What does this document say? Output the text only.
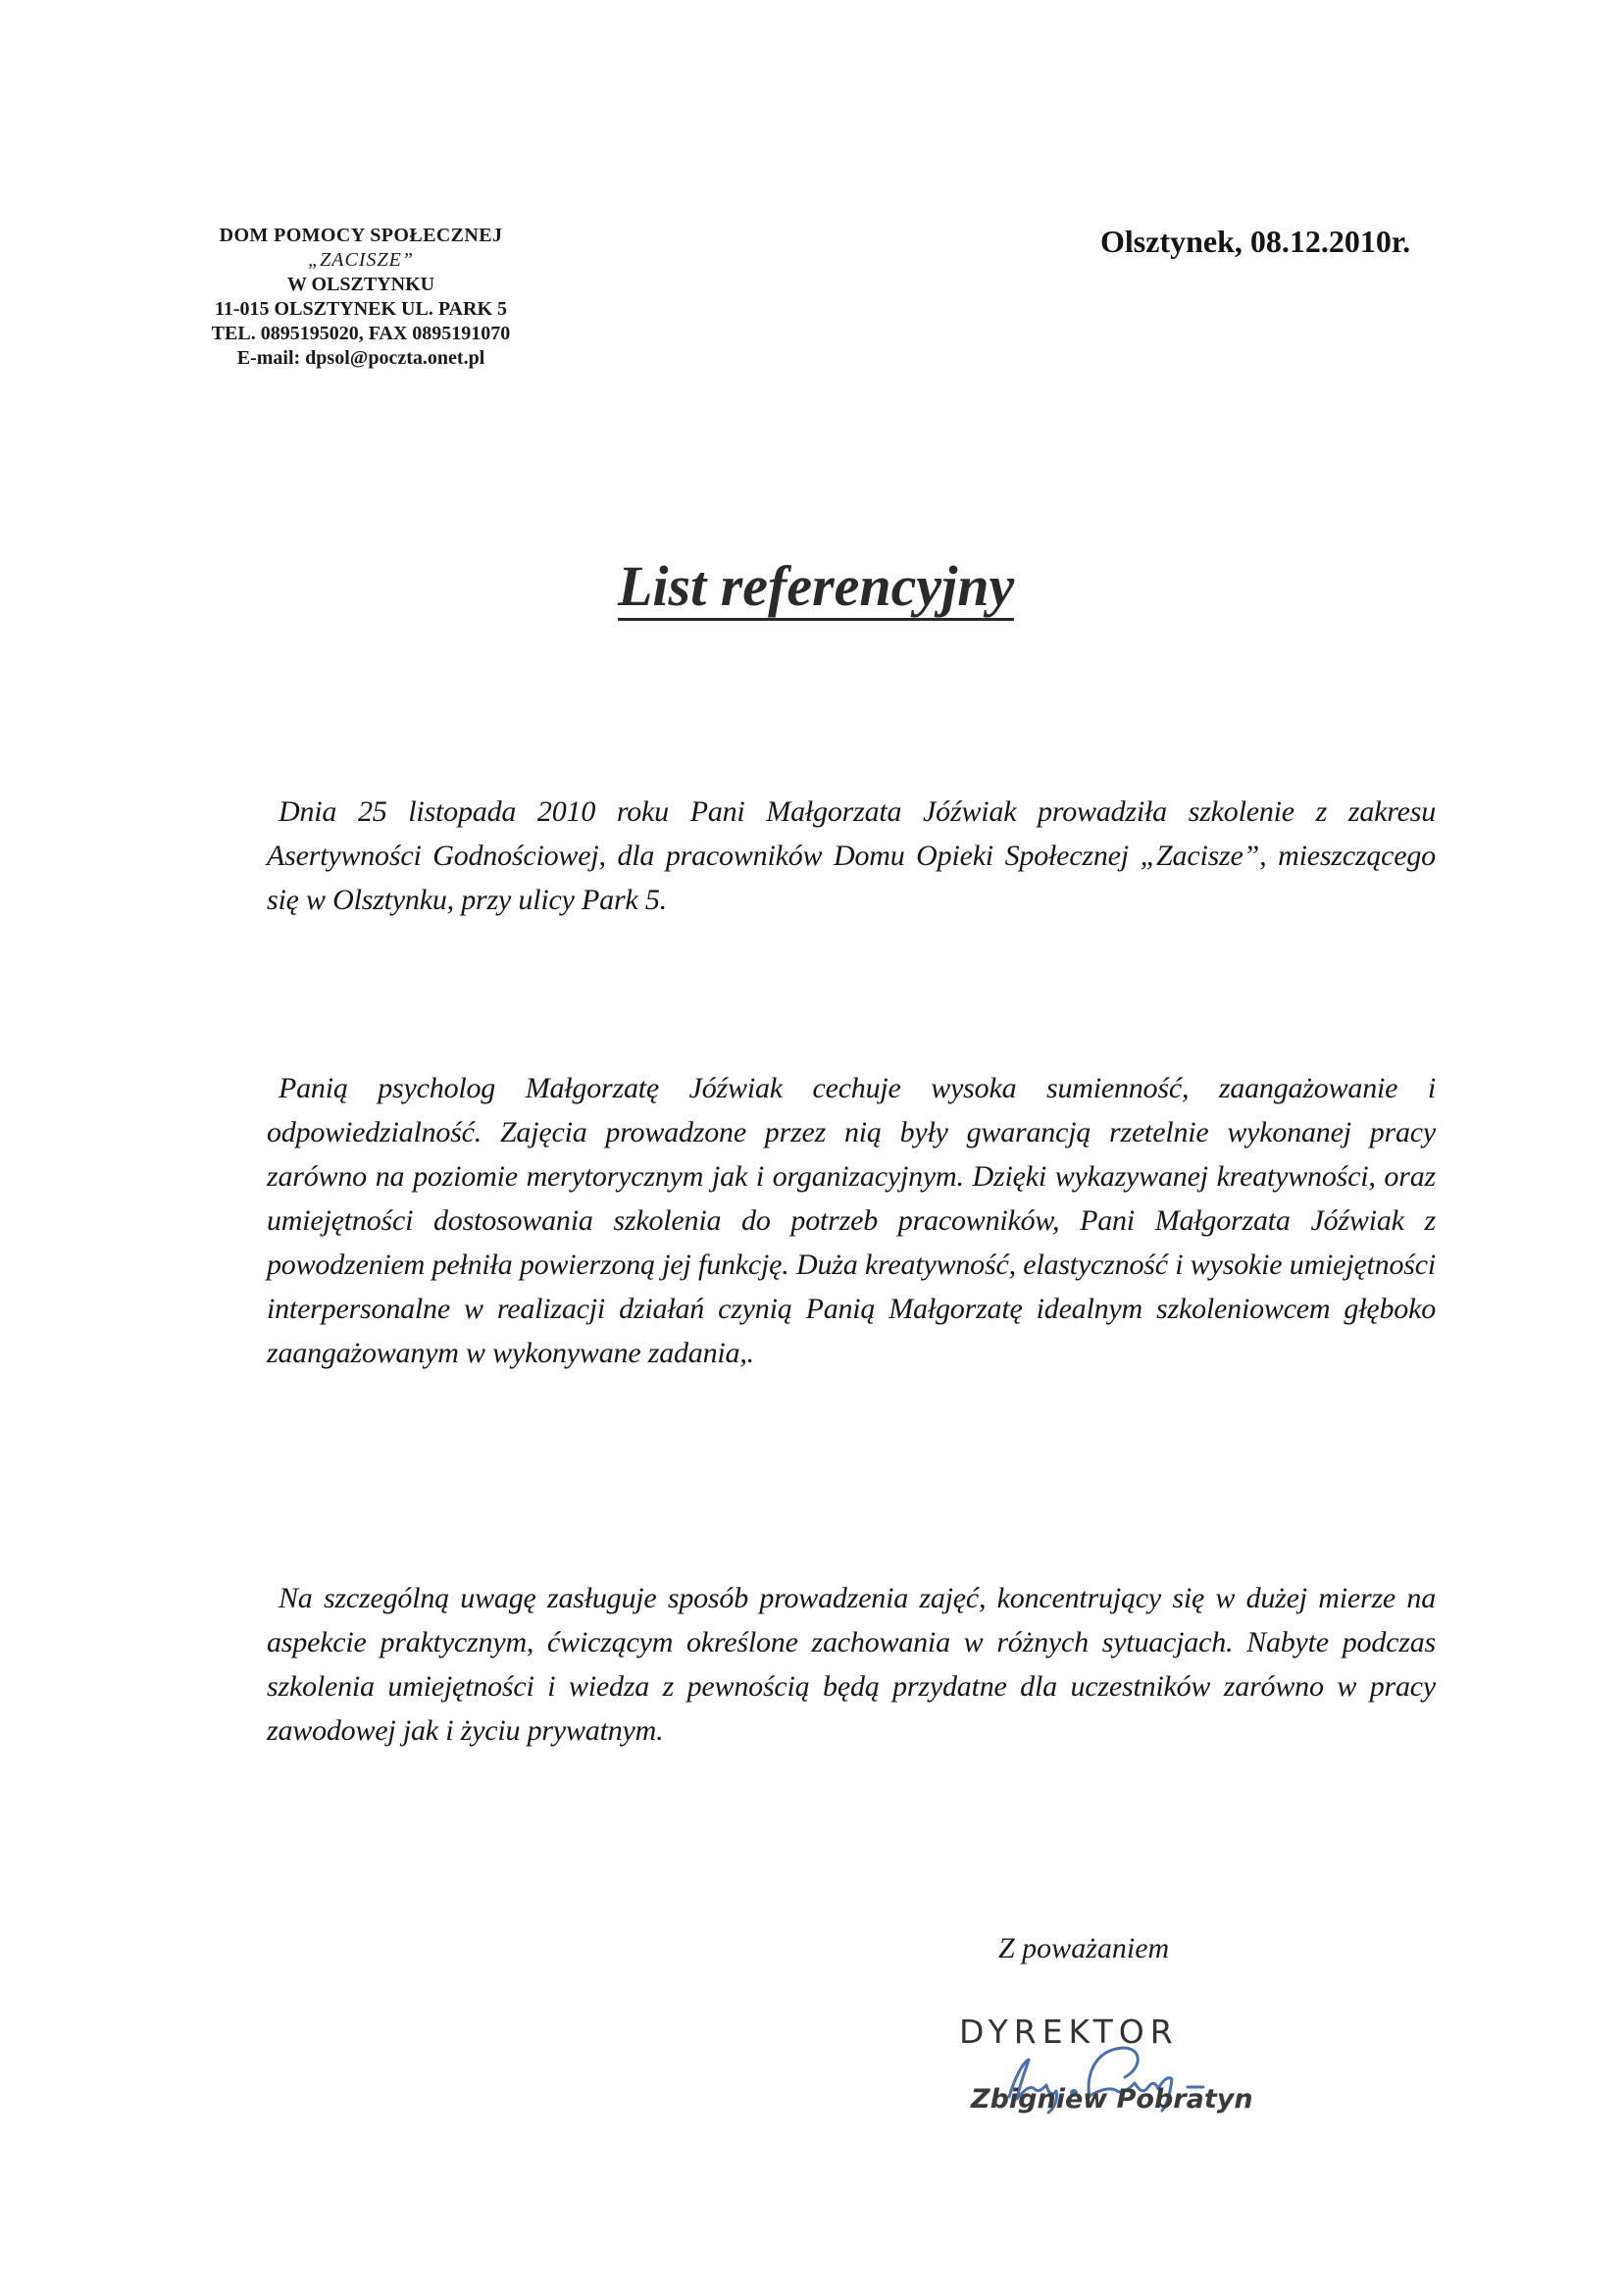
DOM POMOCY SPOŁECZNEJ
„ZACISZE”
W OLSZTYNKU
11-015 OLSZTYNEK UL. PARK 5
TEL. 0895195020, FAX 0895191070
E-mail: dpsol@poczta.onet.pl
Olsztynek, 08.12.2010r.
List referencyjny

Dnia 25 listopada 2010 roku Pani Małgorzata Jóźwiak prowadziła szkolenie z zakresu Asertywności Godnościowej, dla pracowników Domu Opieki Społecznej „Zacisze”, mieszczącego się w Olsztynku, przy ulicy Park 5.

Panią psycholog Małgorzatę Jóźwiak cechuje wysoka sumienność, zaangażowanie i odpowiedzialność. Zajęcia prowadzone przez nią były gwarancją rzetelnie wykonanej pracy zarówno na poziomie merytorycznym jak i organizacyjnym. Dzięki wykazywanej kreatywności, oraz umiejętności dostosowania szkolenia do potrzeb pracowników, Pani Małgorzata Jóźwiak z powodzeniem pełniła powierzoną jej funkcję. Duża kreatywność, elastyczność i wysokie umiejętności interpersonalne w realizacji działań czynią Panią Małgorzatę idealnym szkoleniowcem głęboko zaangażowanym w wykonywane zadania,.

Na szczególną uwagę zasługuje sposób prowadzenia zajęć, koncentrujący się w dużej mierze na aspekcie praktycznym, ćwiczącym określone zachowania w różnych sytuacjach. Nabyte podczas szkolenia umiejętności i wiedza z pewnością będą przydatne dla uczestników zarówno w pracy zawodowej jak i życiu prywatnym.

Z poważaniem
DYREKTOR
Zbigniew Pobratyn
